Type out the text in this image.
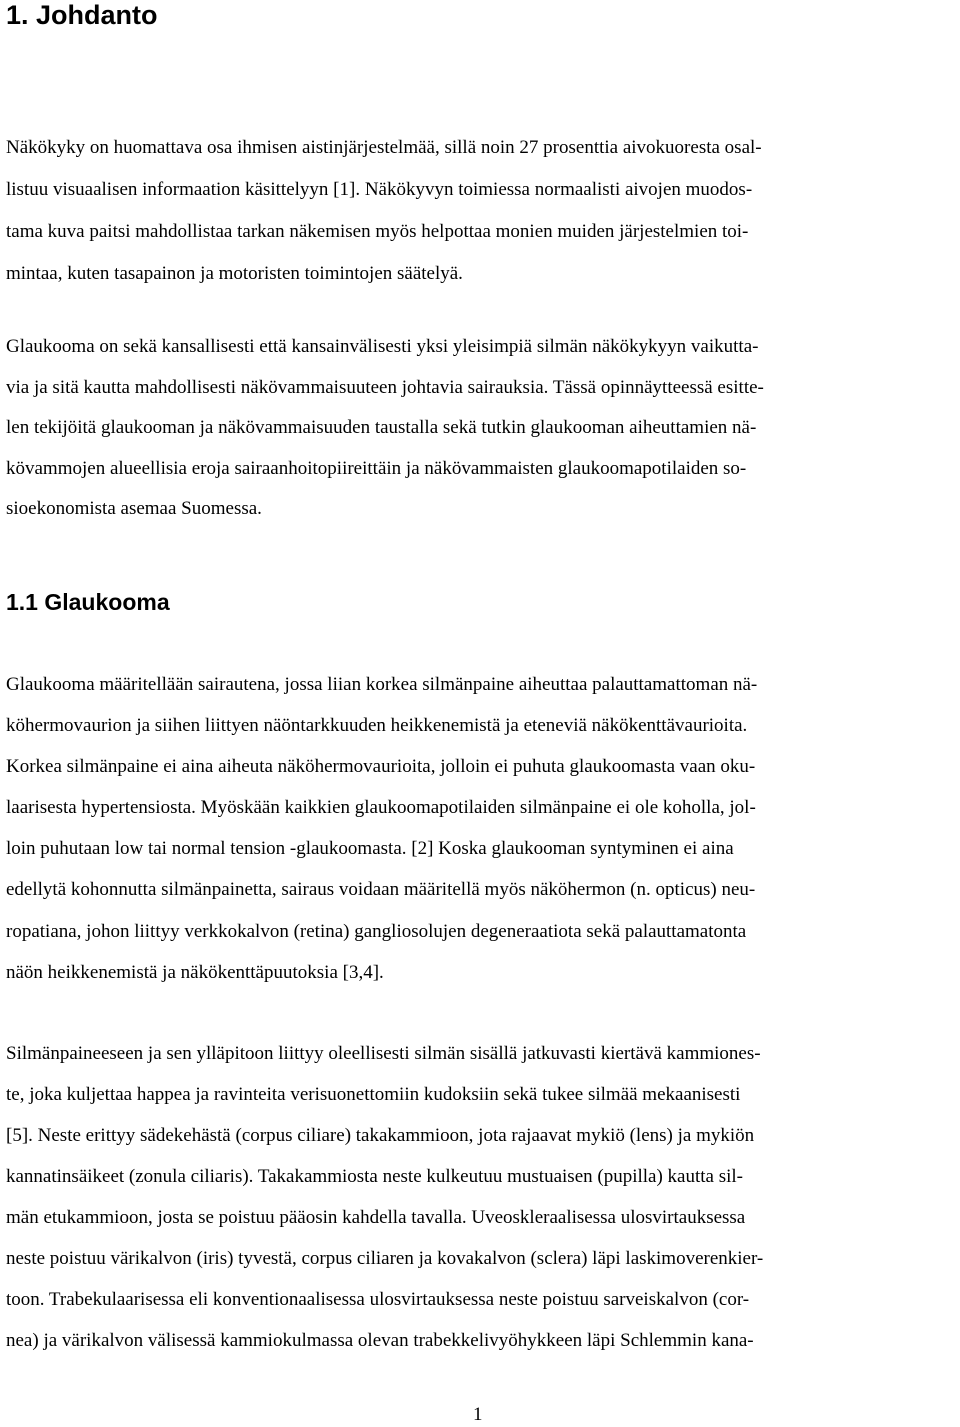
1. Johdanto
Näkökyky on huomattava osa ihmisen aistinjärjestelmää, sillä noin 27 prosenttia aivokuoresta osal-
listuu visuaalisen informaation käsittelyyn [1]. Näkökyvyn toimiessa normaalisti aivojen muodos-
tama kuva paitsi mahdollistaa tarkan näkemisen myös helpottaa monien muiden järjestelmien toi-
mintaa, kuten tasapainon ja motoristen toimintojen säätelyä.
Glaukooma on sekä kansallisesti että kansainvälisesti yksi yleisimpiä silmän näkökykyyn vaikutta-
via ja sitä kautta mahdollisesti näkövammaisuuteen johtavia sairauksia. Tässä opinnäytteessä esitte-
len tekijöitä glaukooman ja näkövammaisuuden taustalla sekä tutkin glaukooman aiheuttamien nä-
kövammojen alueellisia eroja sairaanhoitopiireittäin ja näkövammaisten glaukoomapotilaiden so-
sioekonomista asemaa Suomessa.
1.1 Glaukooma
Glaukooma määritellään sairautena, jossa liian korkea silmänpaine aiheuttaa palauttamattoman nä-
köhermovaurion ja siihen liittyen näöntarkkuuden heikkenemistä ja eteneviä näkökenttävaurioita.
Korkea silmänpaine ei aina aiheuta näköhermovaurioita, jolloin ei puhuta glaukoomasta vaan oku-
laarisesta hypertensiosta. Myöskään kaikkien glaukoomapotilaiden silmänpaine ei ole koholla, jol-
loin puhutaan low tai normal tension -glaukoomasta. [2] Koska glaukooman syntyminen ei aina
edellytä kohonnutta silmänpainetta, sairaus voidaan määritellä myös näköhermon (n. opticus) neu-
ropatiana, johon liittyy verkkokalvon (retina) gangliosolujen degeneraatiota sekä palauttamatonta
näön heikkenemistä ja näkökenttäpuutoksia [3,4].
Silmänpaineeseen ja sen ylläpitoon liittyy oleellisesti silmän sisällä jatkuvasti kiertävä kammiones-
te, joka kuljettaa happea ja ravinteita verisuonettomiin kudoksiin sekä tukee silmää mekaanisesti
[5]. Neste erittyy sädekehästä (corpus ciliare) takakammioon, jota rajaavat mykiö (lens) ja mykiön
kannatinsäikeet (zonula ciliaris). Takakammiosta neste kulkeutuu mustuaisen (pupilla) kautta sil-
män etukammioon, josta se poistuu pääosin kahdella tavalla. Uveoskleraalisessa ulosvirtauksessa
neste poistuu värikalvon (iris) tyvestä, corpus ciliaren ja kovakalvon (sclera) läpi laskimoverenkier-
toon. Trabekulaarisessa eli konventionaalisessa ulosvirtauksessa neste poistuu sarveiskalvon (cor-
nea) ja värikalvon välisessä kammiokulmassa olevan trabekkelivyöhykkeen läpi Schlemmin kana-
1
